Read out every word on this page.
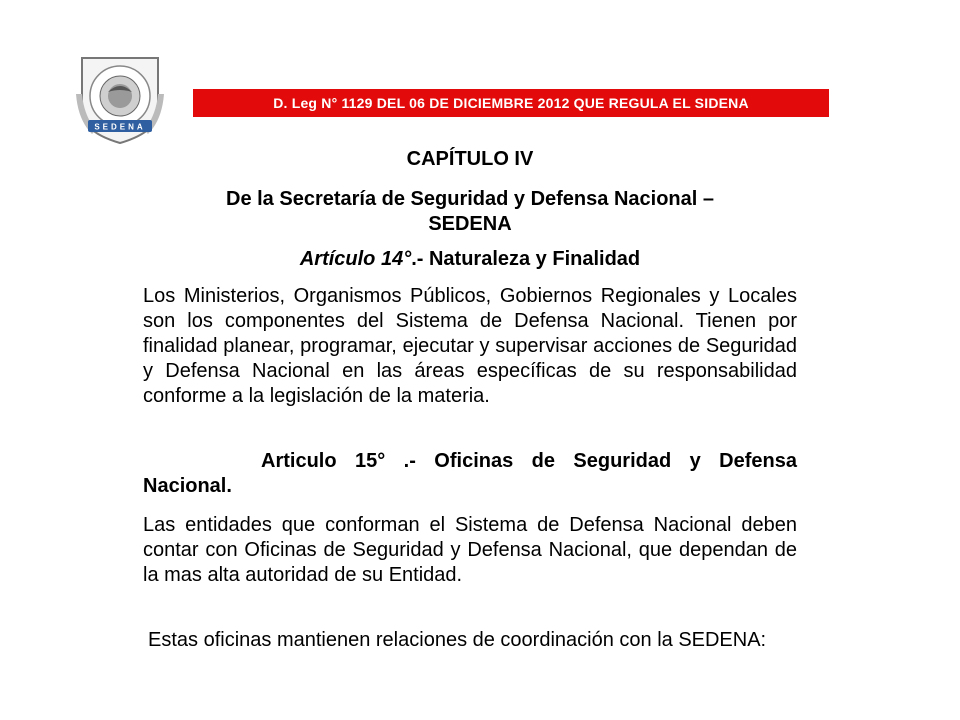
SEDENA
D. Leg N° 1129 DEL 06 DE DICIEMBRE 2012 QUE REGULA EL SIDENA
CAPÍTULO IV
De la Secretaría de Seguridad y Defensa Nacional –
SEDENA
Artículo 14°.- Naturaleza y Finalidad
Los Ministerios, Organismos Públicos, Gobiernos Regionales y Locales son los componentes del Sistema de Defensa Nacional. Tienen por finalidad planear, programar, ejecutar y supervisar acciones de Seguridad y Defensa Nacional en las áreas específicas de su responsabilidad conforme a la legislación de la materia.
Articulo 15° .- Oficinas de Seguridad y Defensa Nacional.
Las entidades que conforman el Sistema de Defensa Nacional deben contar con Oficinas de Seguridad y Defensa Nacional, que dependan de la mas alta autoridad de su Entidad.
Estas oficinas mantienen relaciones de coordinación con la SEDENA:
